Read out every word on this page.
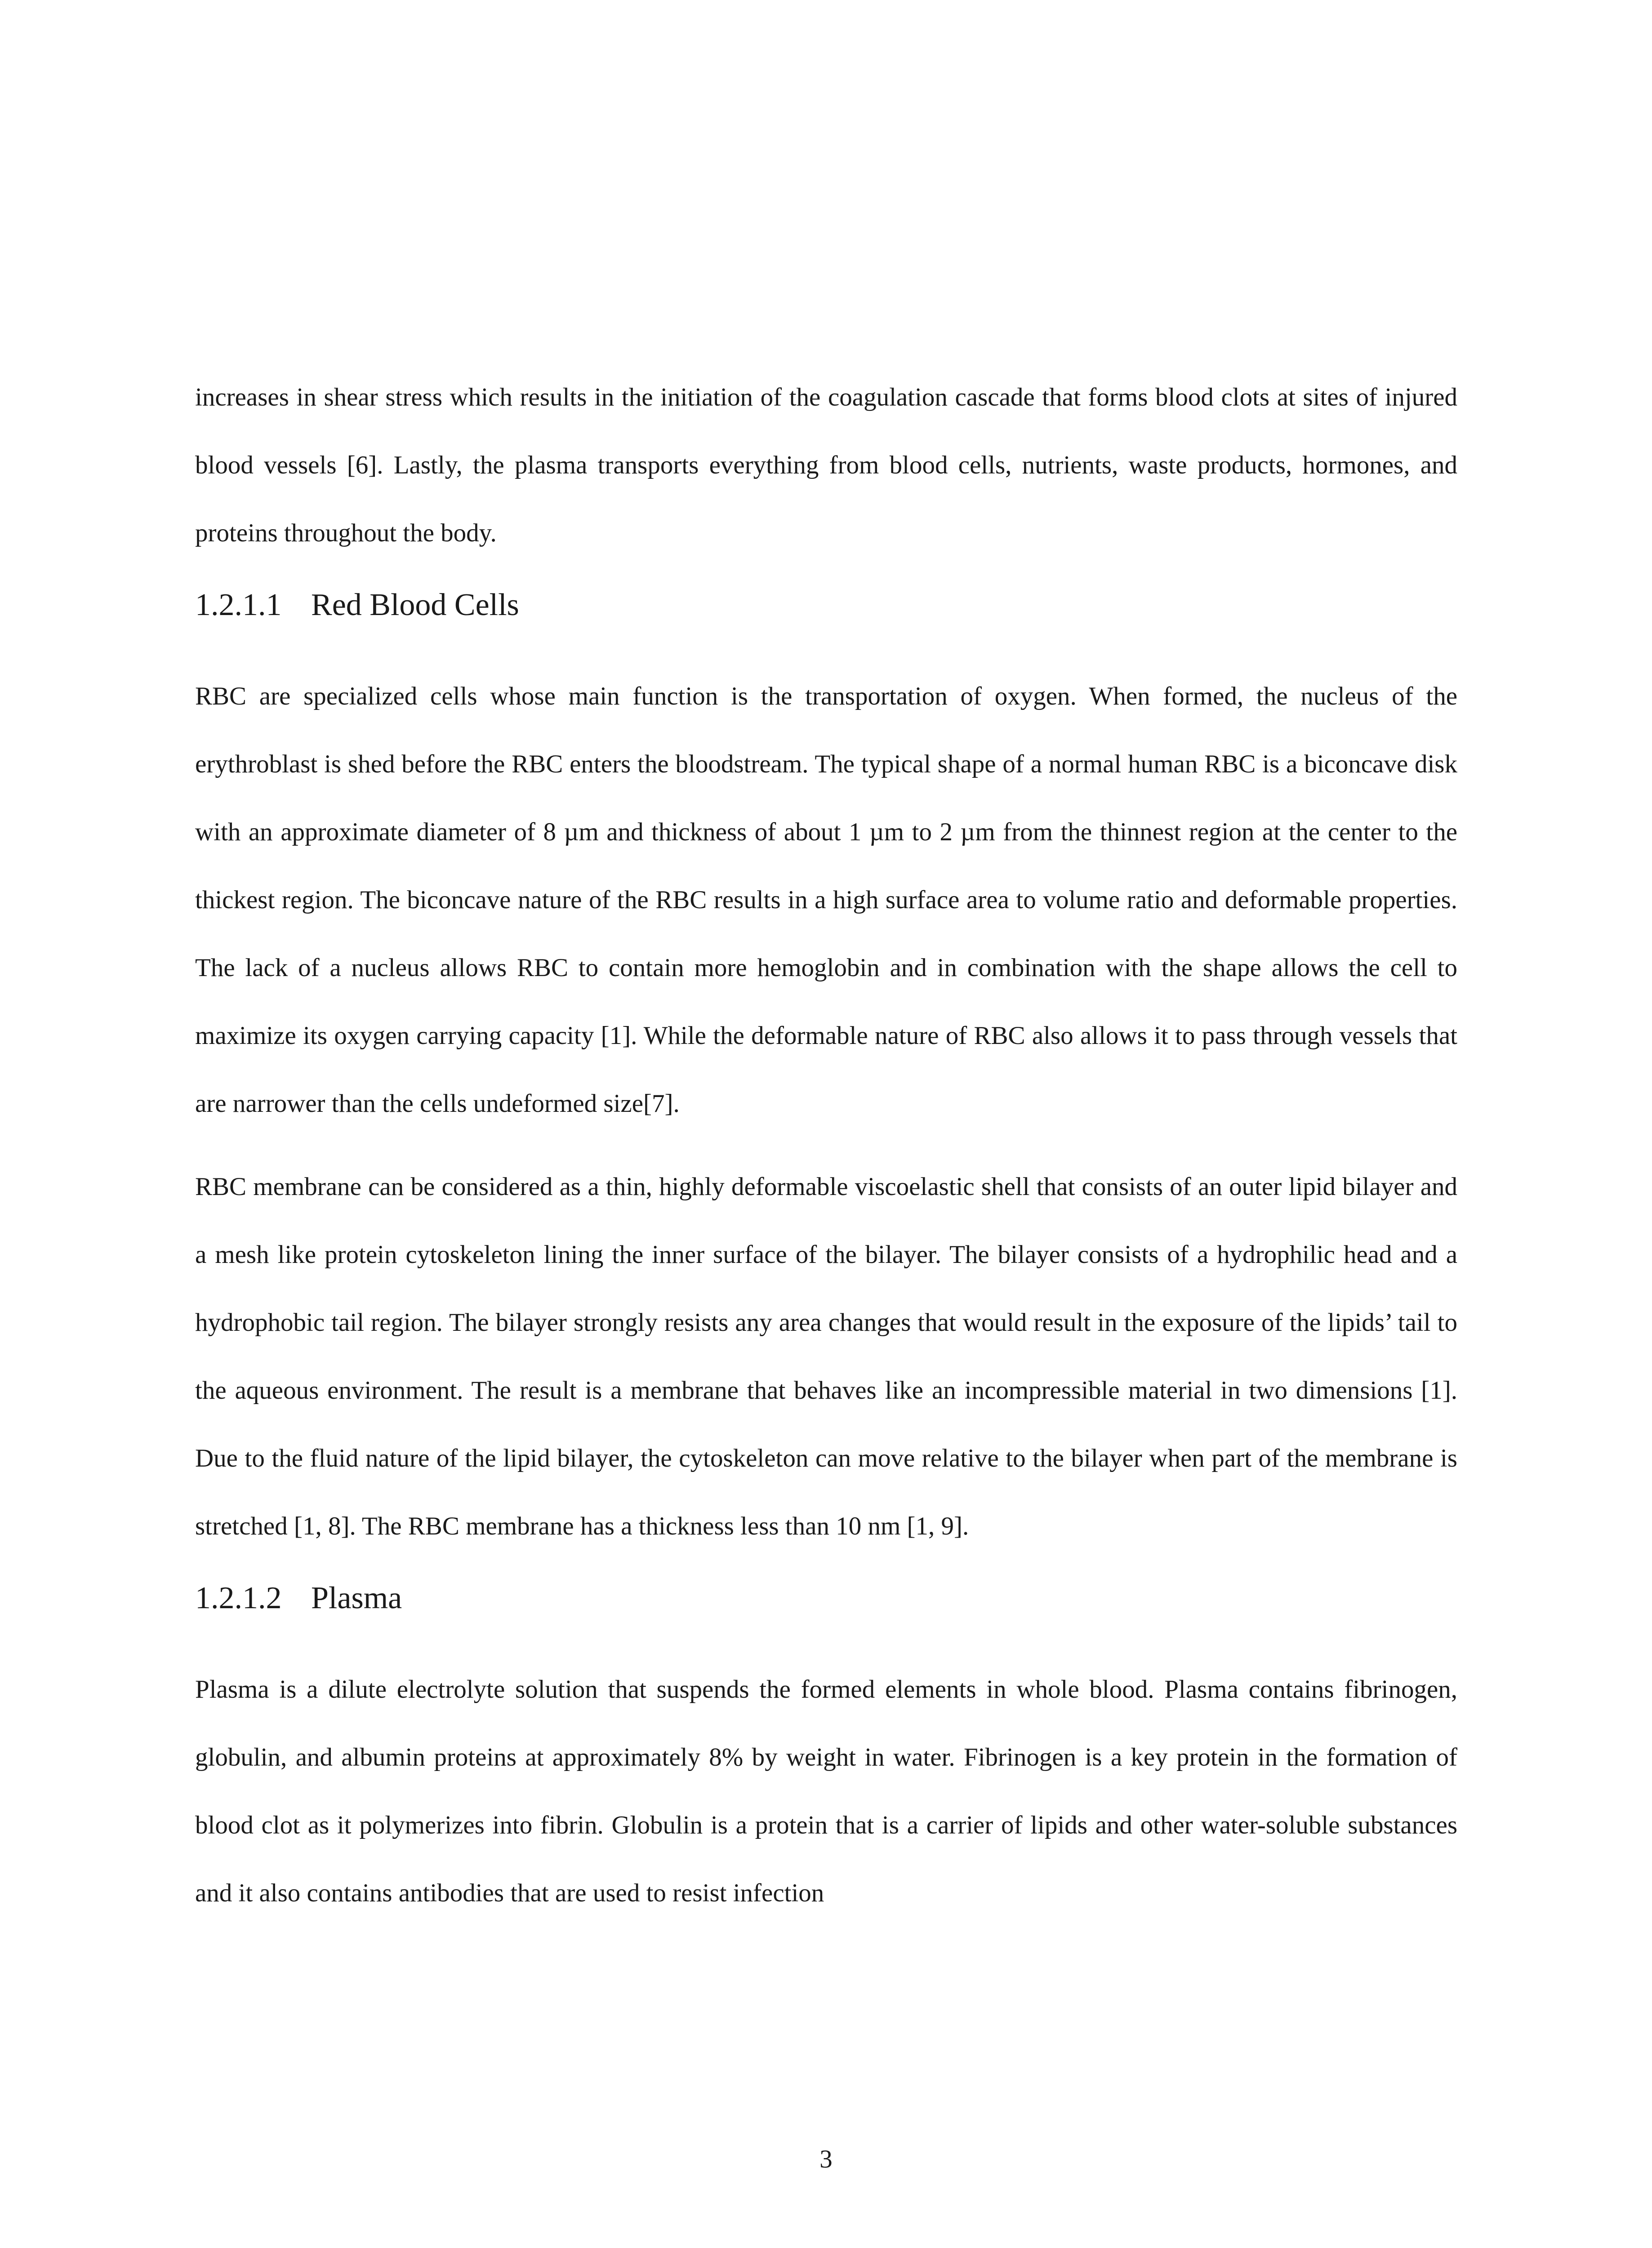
increases in shear stress which results in the initiation of the coagulation cascade that forms blood clots at sites of injured blood vessels [6]. Lastly, the plasma transports everything from blood cells, nutrients, waste products, hormones, and proteins throughout the body.

1.2.1.1 Red Blood Cells

RBC are specialized cells whose main function is the transportation of oxygen. When formed, the nucleus of the erythroblast is shed before the RBC enters the bloodstream. The typical shape of a normal human RBC is a biconcave disk with an approximate diameter of 8 µm and thickness of about 1 µm to 2 µm from the thinnest region at the center to the thickest region. The biconcave nature of the RBC results in a high surface area to volume ratio and deformable properties. The lack of a nucleus allows RBC to contain more hemoglobin and in combination with the shape allows the cell to maximize its oxygen carrying capacity [1]. While the deformable nature of RBC also allows it to pass through vessels that are narrower than the cells undeformed size[7].

RBC membrane can be considered as a thin, highly deformable viscoelastic shell that consists of an outer lipid bilayer and a mesh like protein cytoskeleton lining the inner surface of the bilayer. The bilayer consists of a hydrophilic head and a hydrophobic tail region. The bilayer strongly resists any area changes that would result in the exposure of the lipids’ tail to the aqueous environment. The result is a membrane that behaves like an incompressible material in two dimensions [1]. Due to the fluid nature of the lipid bilayer, the cytoskeleton can move relative to the bilayer when part of the membrane is stretched [1, 8]. The RBC membrane has a thickness less than 10 nm [1, 9].

1.2.1.2 Plasma

Plasma is a dilute electrolyte solution that suspends the formed elements in whole blood. Plasma contains fibrinogen, globulin, and albumin proteins at approximately 8% by weight in water. Fibrinogen is a key protein in the formation of blood clot as it polymerizes into fibrin. Globulin is a protein that is a carrier of lipids and other water-soluble substances and it also contains antibodies that are used to resist infection

3
